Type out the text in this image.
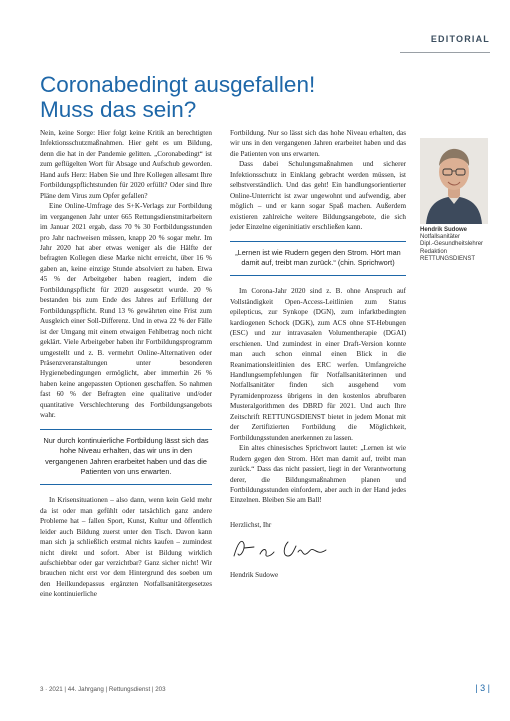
EDITORIAL
Coronabedingt ausgefallen!
Muss das sein?

Nein, keine Sorge: Hier folgt keine Kritik an berechtigten Infektionsschutzmaßnahmen. Hier geht es um Bildung, denn die hat in der Pandemie gelitten. „Coronabedingt“ ist zum geflügelten Wort für Absage und Aufschub geworden. Hand aufs Herz: Haben Sie und Ihre Kollegen allesamt Ihre Fortbildungspflichtstunden für 2020 erfüllt? Oder sind Ihre Pläne dem Virus zum Opfer gefallen?

Eine Online-Umfrage des S+K-Verlags zur Fortbildung im vergangenen Jahr unter 665 Rettungsdienstmitarbeitern im Januar 2021 ergab, dass 70 % 30 Fortbildungsstunden pro Jahr nachweisen müssen, knapp 20 % sogar mehr. Im Jahr 2020 hat aber etwas weniger als die Hälfte der befragten Kollegen diese Marke nicht erreicht, über 16 % gaben an, keine einzige Stunde absolviert zu haben. Etwa 45 % der Arbeitgeber haben reagiert, indem die Fortbildungspflicht für 2020 ausgesetzt wurde. 20 % bestanden bis zum Ende des Jahres auf Erfüllung der Fortbildungspflicht. Rund 13 % gewährten eine Frist zum Ausgleich einer Soll-Differenz. Und in etwa 22 % der Fälle ist der Umgang mit einem etwaigen Fehlbetrag noch nicht geklärt. Viele Arbeitgeber haben ihr Fortbildungsprogramm umgestellt und z. B. vermehrt Online-Alternativen oder Präsenzveranstaltungen unter besonderen Hygienebedingungen ermöglicht, aber immerhin 26 % haben keine angepassten Optionen geschaffen. So nahmen fast 60 % der Befragten eine qualitative und/oder quantitative Verschlechterung des Fortbildungsangebots wahr.

Nur durch kontinuierliche Fortbildung lässt sich das hohe Niveau erhalten, das wir uns in den vergangenen Jahren erarbeitet haben und das die Patienten von uns erwarten.

In Krisensituationen – also dann, wenn kein Geld mehr da ist oder man gefühlt oder tatsächlich ganz andere Probleme hat – fallen Sport, Kunst, Kultur und öffentlich leider auch Bildung zuerst unter den Tisch. Davon kann man sich ja schließlich erstmal nichts kaufen – zumindest nicht direkt und sofort. Aber ist Bildung wirklich aufschiebbar oder gar verzichtbar? Ganz sicher nicht! Wir brauchen nicht erst vor dem Hintergrund des soeben um den Heilkundepassus ergänzten Notfallsanitätergesetzes eine kontinuierliche

Fortbildung. Nur so lässt sich das hohe Niveau erhalten, das wir uns in den vergangenen Jahren erarbeitet haben und das die Patienten von uns erwarten.

Dass dabei Schulungsmaßnahmen und sicherer Infektionsschutz in Einklang gebracht werden müssen, ist selbstverständlich. Und das geht! Ein handlungsorientierter Online-Unterricht ist zwar ungewohnt und aufwendig, aber möglich – und er kann sogar Spaß machen. Außerdem existieren zahlreiche weitere Bildungsangebote, die sich jeder Einzelne eigeninitiativ erschließen kann.

„Lernen ist wie Rudern gegen den Strom. Hört man damit auf, treibt man zurück.“ (chin. Sprichwort)

Im Corona-Jahr 2020 sind z. B. ohne Anspruch auf Vollständigkeit Open-Access-Leitlinien zum Status epilepticus, zur Synkope (DGN), zum infarktbedingten kardiogenen Schock (DGK), zum ACS ohne ST-Hebungen (ESC) und zur intravasalen Volumentherapie (DGAI) erschienen. Und zumindest in einer Draft-Version konnte man auch schon einmal einen Blick in die Reanimationsleitlinien des ERC werfen. Umfangreiche Handlungsempfehlungen für Notfallsanitäterinnen und Notfallsanitäter finden sich ausgehend vom Pyramidenprozess übrigens in den kostenlos abrufbaren Musteralgorithmen des DBRD für 2021. Und auch Ihre Zeitschrift RETTUNGSDIENST bietet in jedem Monat mit der Zertifizierten Fortbildung die Möglichkeit, Fortbildungsstunden anerkennen zu lassen.

Ein altes chinesisches Sprichwort lautet: „Lernen ist wie Rudern gegen den Strom. Hört man damit auf, treibt man zurück.“ Dass das nicht passiert, liegt in der Verantwortung derer, die Bildungsmaßnahmen planen und Fortbildungsstunden einfordern, aber auch in der Hand jedes Einzelnen. Bleiben Sie am Ball!

Herzlichst, Ihr

Hendrik Sudowe

Hendrik Sudowe
Notfallsanitäter
Dipl.-Gesundheitslehrer
Redaktion
RETTUNGSDIENST
3 · 2021 | 44. Jahrgang | Rettungsdienst | 203	| 3 |
